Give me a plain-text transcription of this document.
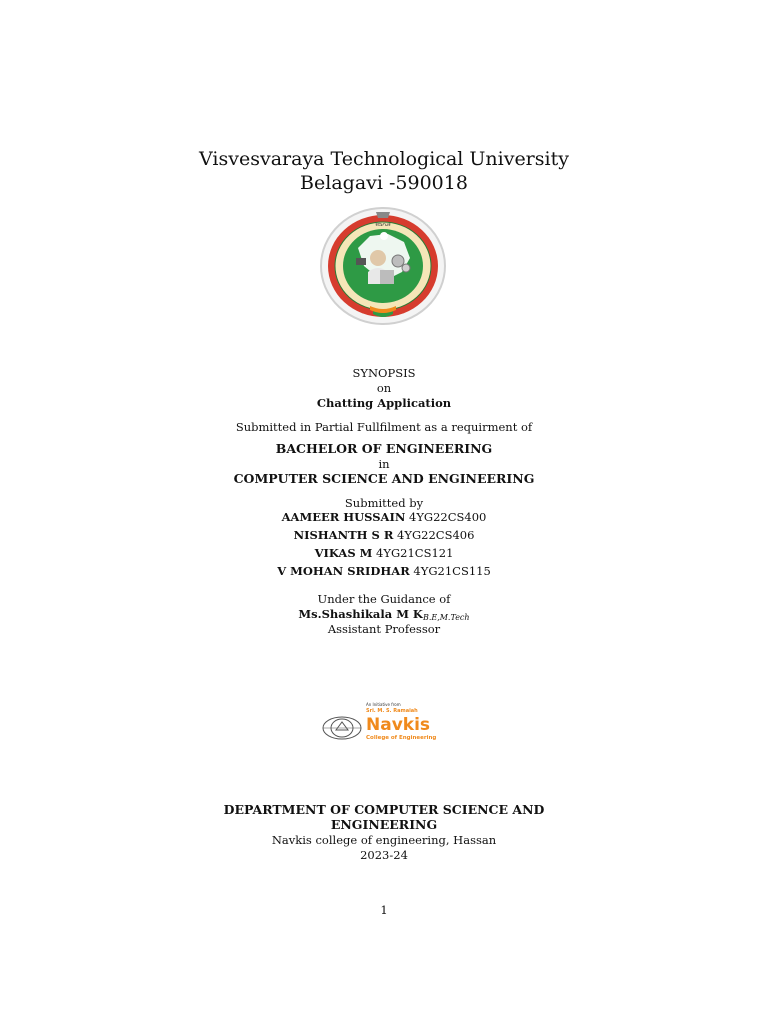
Visvesvaraya Technological University
Belagavi -590018
ಕರ್ನಾಟಕ
SYNOPSIS
on
Chatting Application
Submitted in Partial Fullfilment as a requirment of
BACHELOR OF ENGINEERING
in
COMPUTER SCIENCE AND ENGINEERING
Submitted by
AAMEER HUSSAIN 4YG22CS400
NISHANTH S R 4YG22CS406
VIKAS M 4YG21CS121
V MOHAN SRIDHAR 4YG21CS115
Under the Guidance of
Ms.Shashikala M $K_{B.E,M.Tech}$
Assistant Professor
An Initiative from
Sri. M. S. Ramaiah
Navkis
College of Engineering
DEPARTMENT OF COMPUTER SCIENCE AND
ENGINEERING
Navkis college of engineering, Hassan
2023-24
1
